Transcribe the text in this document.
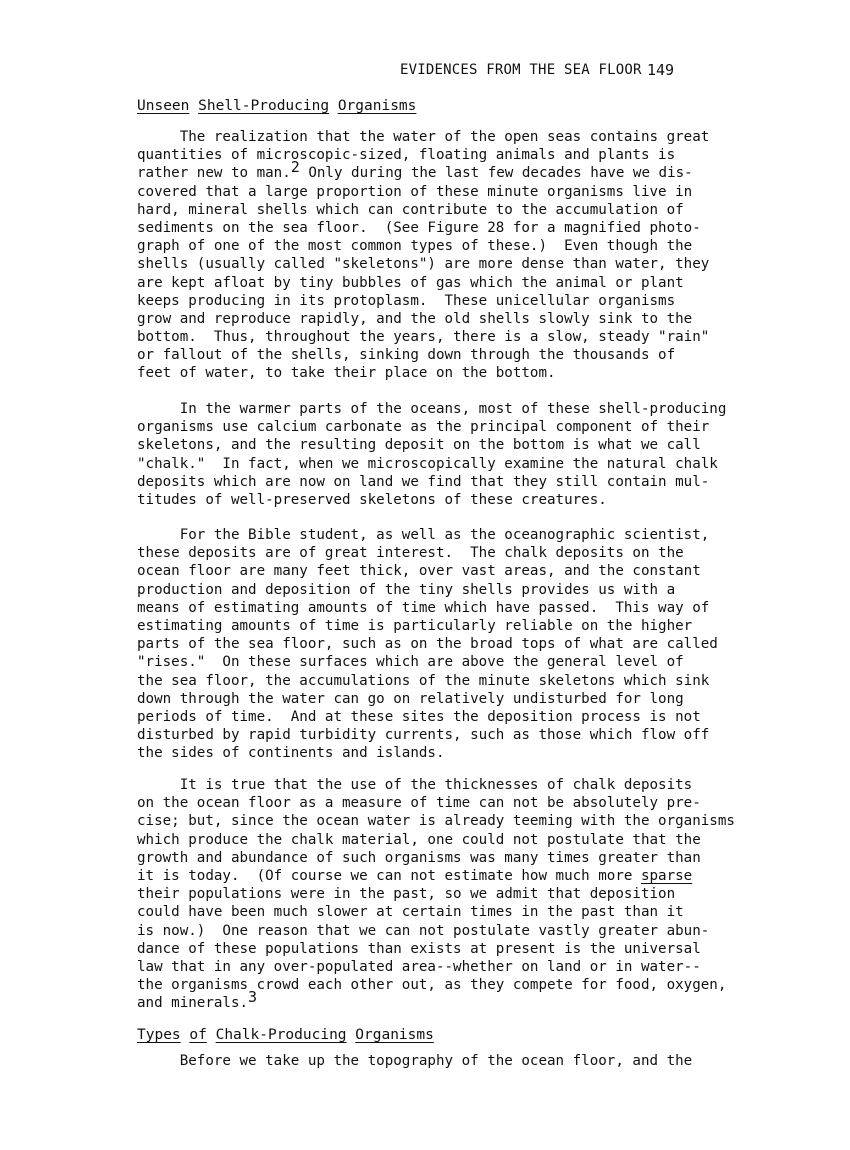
EVIDENCES FROM THE SEA FLOOR 149
Unseen Shell-Producing Organisms
The realization that the water of the open seas contains great
quantities of microscopic-sized, floating animals and plants is
rather new to man.$^2$ Only during the last few decades have we dis-
covered that a large proportion of these minute organisms live in
hard, mineral shells which can contribute to the accumulation of
sediments on the sea floor.  (See Figure 28 for a magnified photo-
graph of one of the most common types of these.)  Even though the
shells (usually called "skeletons") are more dense than water, they
are kept afloat by tiny bubbles of gas which the animal or plant
keeps producing in its protoplasm.  These unicellular organisms
grow and reproduce rapidly, and the old shells slowly sink to the
bottom.  Thus, throughout the years, there is a slow, steady "rain"
or fallout of the shells, sinking down through the thousands of
feet of water, to take their place on the bottom.
In the warmer parts of the oceans, most of these shell-producing
organisms use calcium carbonate as the principal component of their
skeletons, and the resulting deposit on the bottom is what we call
"chalk."  In fact, when we microscopically examine the natural chalk
deposits which are now on land we find that they still contain mul-
titudes of well-preserved skeletons of these creatures.
For the Bible student, as well as the oceanographic scientist,
these deposits are of great interest.  The chalk deposits on the
ocean floor are many feet thick, over vast areas, and the constant
production and deposition of the tiny shells provides us with a
means of estimating amounts of time which have passed.  This way of
estimating amounts of time is particularly reliable on the higher
parts of the sea floor, such as on the broad tops of what are called
"rises."  On these surfaces which are above the general level of
the sea floor, the accumulations of the minute skeletons which sink
down through the water can go on relatively undisturbed for long
periods of time.  And at these sites the deposition process is not
disturbed by rapid turbidity currents, such as those which flow off
the sides of continents and islands.
It is true that the use of the thicknesses of chalk deposits
on the ocean floor as a measure of time can not be absolutely pre-
cise; but, since the ocean water is already teeming with the organisms
which produce the chalk material, one could not postulate that the
growth and abundance of such organisms was many times greater than
it is today.  (Of course we can not estimate how much more sparse
their populations were in the past, so we admit that deposition
could have been much slower at certain times in the past than it
is now.)  One reason that we can not postulate vastly greater abun-
dance of these populations than exists at present is the universal
law that in any over-populated area--whether on land or in water--
the organisms crowd each other out, as they compete for food, oxygen,
and minerals.$^3$
Types of Chalk-Producing Organisms
Before we take up the topography of the ocean floor, and the
